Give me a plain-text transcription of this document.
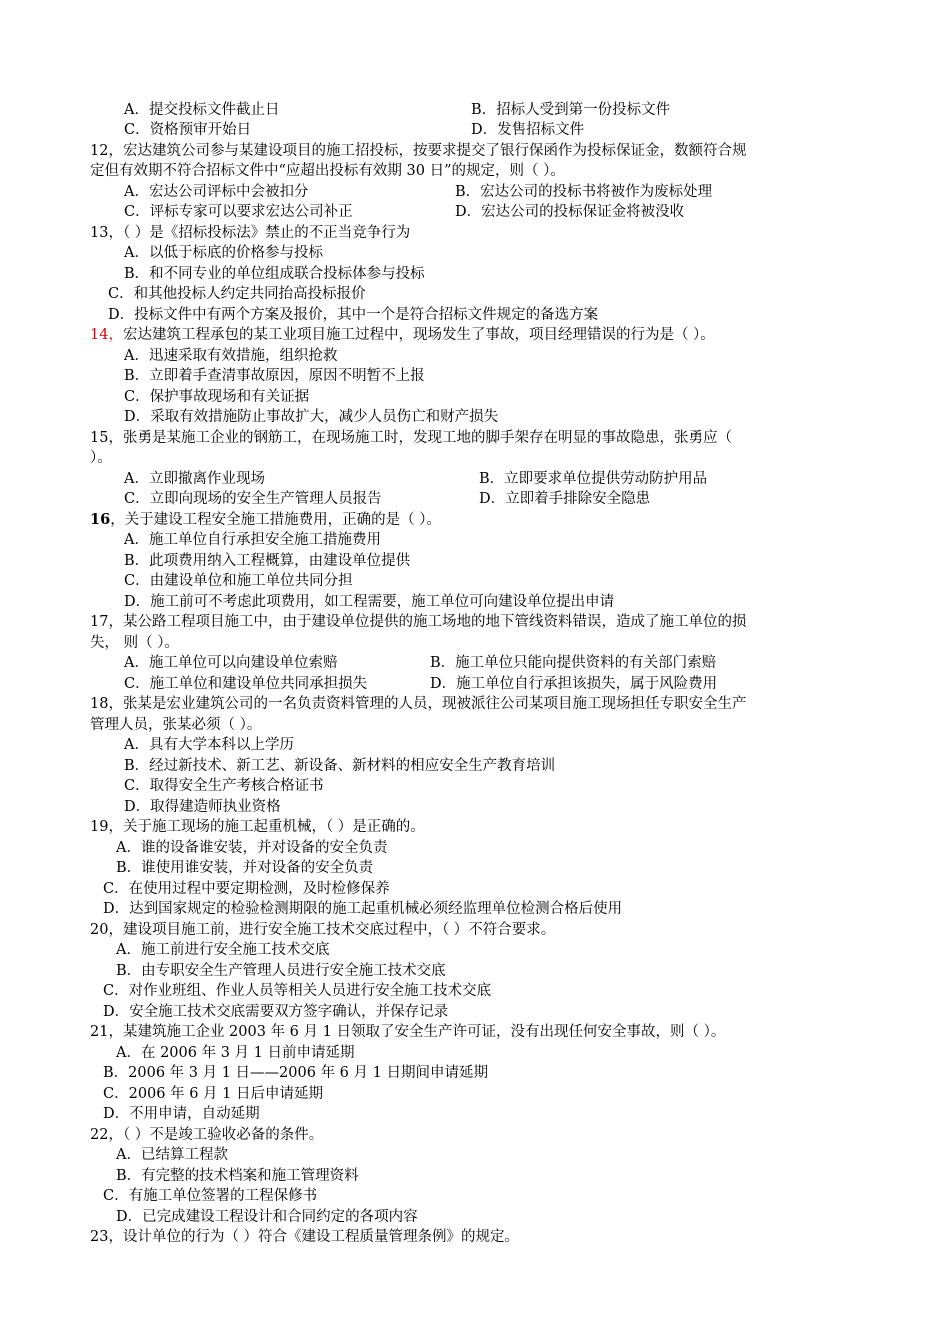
A．提交投标文件截止日	B．招标人受到第一份投标文件
C．资格预审开始日	D．发售招标文件
12，宏达建筑公司参与某建设项目的施工招投标，按要求提交了银行保函作为投标保证金，数额符合规
定但有效期不符合招标文件中“应超出投标有效期 30 日”的规定，则（ ）。
A．宏达公司评标中会被扣分	B．宏达公司的投标书将被作为废标处理
C．评标专家可以要求宏达公司补正	D．宏达公司的投标保证金将被没收
13，（ ）是《招标投标法》禁止的不正当竞争行为
A．以低于标底的价格参与投标
B．和不同专业的单位组成联合投标体参与投标
C．和其他投标人约定共同抬高投标报价
D．投标文件中有两个方案及报价，其中一个是符合招标文件规定的备选方案
14，宏达建筑工程承包的某工业项目施工过程中，现场发生了事故，项目经理错误的行为是（ ）。
A．迅速采取有效措施，组织抢救
B．立即着手查清事故原因，原因不明暂不上报
C．保护事故现场和有关证据
D．采取有效措施防止事故扩大，减少人员伤亡和财产损失
15，张勇是某施工企业的钢筋工，在现场施工时，发现工地的脚手架存在明显的事故隐患，张勇应（
）。
A．立即撤离作业现场	B．立即要求单位提供劳动防护用品
C．立即向现场的安全生产管理人员报告	D．立即着手排除安全隐患
16，关于建设工程安全施工措施费用，正确的是（ ）。
A．施工单位自行承担安全施工措施费用
B．此项费用纳入工程概算，由建设单位提供
C．由建设单位和施工单位共同分担
D．施工前可不考虑此项费用，如工程需要，施工单位可向建设单位提出申请
17，某公路工程项目施工中，由于建设单位提供的施工场地的地下管线资料错误，造成了施工单位的损
失， 则（ ）。
A．施工单位可以向建设单位索赔	B．施工单位只能向提供资料的有关部门索赔
C．施工单位和建设单位共同承担损失	D．施工单位自行承担该损失，属于风险费用
18，张某是宏业建筑公司的一名负责资料管理的人员，现被派往公司某项目施工现场担任专职安全生产
管理人员，张某必须（ ）。
A．具有大学本科以上学历
B．经过新技术、新工艺、新设备、新材料的相应安全生产教育培训
C．取得安全生产考核合格证书
D．取得建造师执业资格
19，关于施工现场的施工起重机械，（ ）是正确的。
A．谁的设备谁安装，并对设备的安全负责
B．谁使用谁安装，并对设备的安全负责
C．在使用过程中要定期检测，及时检修保养
D．达到国家规定的检验检测期限的施工起重机械必须经监理单位检测合格后使用
20，建设项目施工前，进行安全施工技术交底过程中，（ ）不符合要求。
A．施工前进行安全施工技术交底
B．由专职安全生产管理人员进行安全施工技术交底
C．对作业班组、作业人员等相关人员进行安全施工技术交底
D．安全施工技术交底需要双方签字确认，并保存记录
21，某建筑施工企业 2003 年 6 月 1 日领取了安全生产许可证，没有出现任何安全事故，则（ ）。
A．在 2006 年 3 月 1 日前申请延期
B．2006 年 3 月 1 日——2006 年 6 月 1 日期间申请延期
C．2006 年 6 月 1 日后申请延期
D．不用申请，自动延期
22，（ ）不是竣工验收必备的条件。
A．已结算工程款
B．有完整的技术档案和施工管理资料
C．有施工单位签署的工程保修书
D．已完成建设工程设计和合同约定的各项内容
23，设计单位的行为（ ）符合《建设工程质量管理条例》的规定。
